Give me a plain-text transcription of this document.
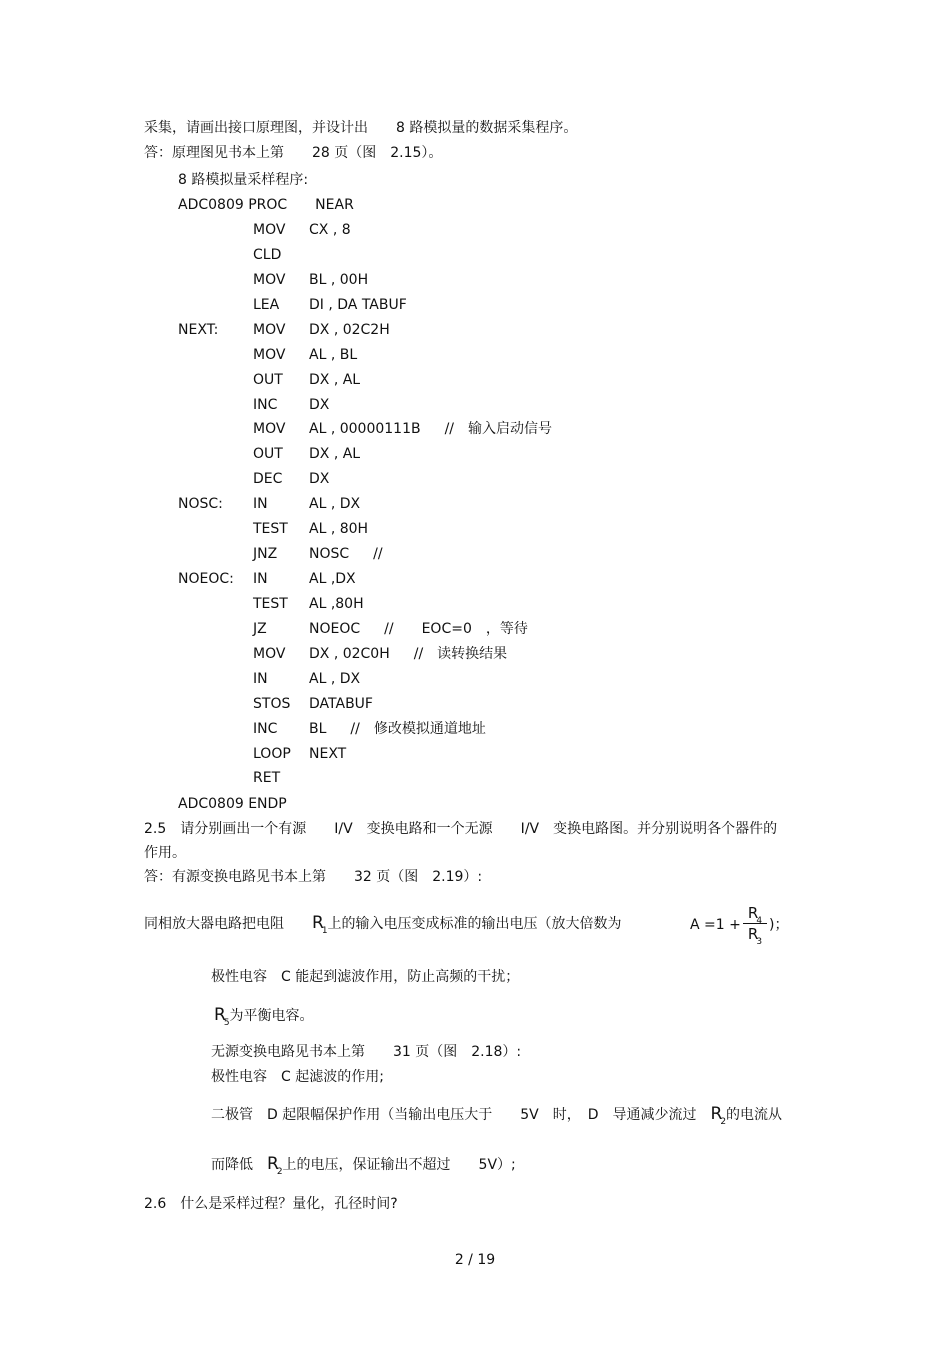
采集，请画出接口原理图，并设计出　　8 路模拟量的数据采集程序。
答：原理图见书本上第　　28 页（图　2.15）。
8 路模拟量采样程序:
ADC0809 PROC　　NEAR
MOV CX , 8
CLD
MOV BL , 00H
LEA DI , DA TABUF
NEXT: MOV DX , 02C2H
MOV AL , BL
OUT DX , AL
INC DX
MOV AL , 00000111B //　输入启动信号
OUT DX , AL
DEC DX
NOSC: IN	AL , DX
TEST AL , 80H
JNZ NOSC //
NOEOC: IN	AL ,DX
TEST AL ,80H
JZ	NOEOC //　　EOC=0　，等待
MOV DX , 02C0H //　读转换结果
IN	AL , DX
STOS DATABUF
INC BL //　修改模拟通道地址
LOOP NEXT
RET
ADC0809 ENDP
2.5　请分别画出一个有源　　I/V　变换电路和一个无源　　I/V　变换电路图。并分别说明各个器件的
作用。
答：有源变换电路见书本上第　　32 页（图　2.19）:
同相放大器电路把电阻　　 $R_1$上的输入电压变成标准的输出电压（放大倍数为	A =1 +
$R_4$
$R_3$
)；
极性电容　C 能起到滤波作用，防止高频的干扰；
$R_5$为平衡电容。
无源变换电路见书本上第　　31 页（图　2.18）:
极性电容　C 起滤波的作用;
二极管　D 起限幅保护作用（当输出电压大于　　5V　时，　D　导通减少流过　 $R_2$的电流从
而降低　 $R_2$上的电压，保证输出不超过　　5V）;
2.6　什么是采样过程？量化，孔径时间?
2 / 19
